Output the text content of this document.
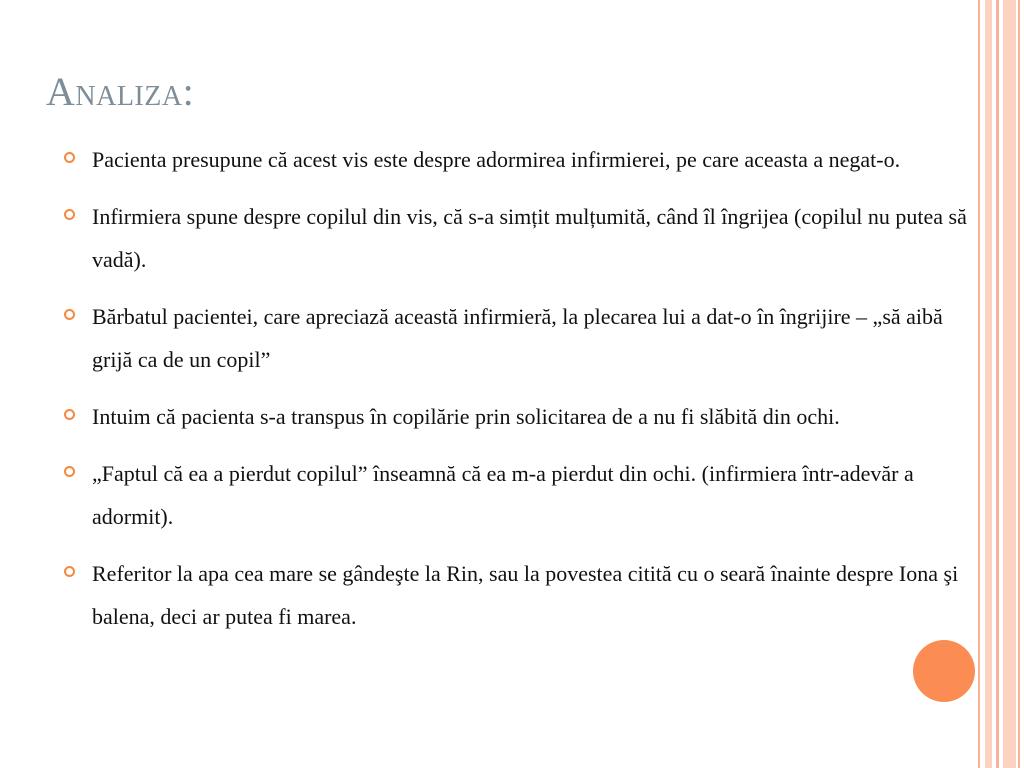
Analiza:
Pacienta presupune că acest vis este despre adormirea infirmierei, pe care aceasta a negat-o.
Infirmiera spune despre copilul din vis, că s-a simțit mulțumită, când îl îngrijea (copilul nu putea să vadă).
Bărbatul pacientei, care apreciază această infirmieră, la plecarea lui a dat-o în îngrijire – „să aibă grijă ca de un copil”
Intuim că pacienta s-a transpus în copilărie prin solicitarea de a nu fi slăbită din ochi.
„Faptul că ea a pierdut copilul” înseamnă că ea m-a pierdut din ochi. (infirmiera într-adevăr a adormit).
Referitor la apa cea mare se gândeşte la Rin, sau la povestea citită cu o seară înainte despre Iona şi balena, deci ar putea fi marea.
